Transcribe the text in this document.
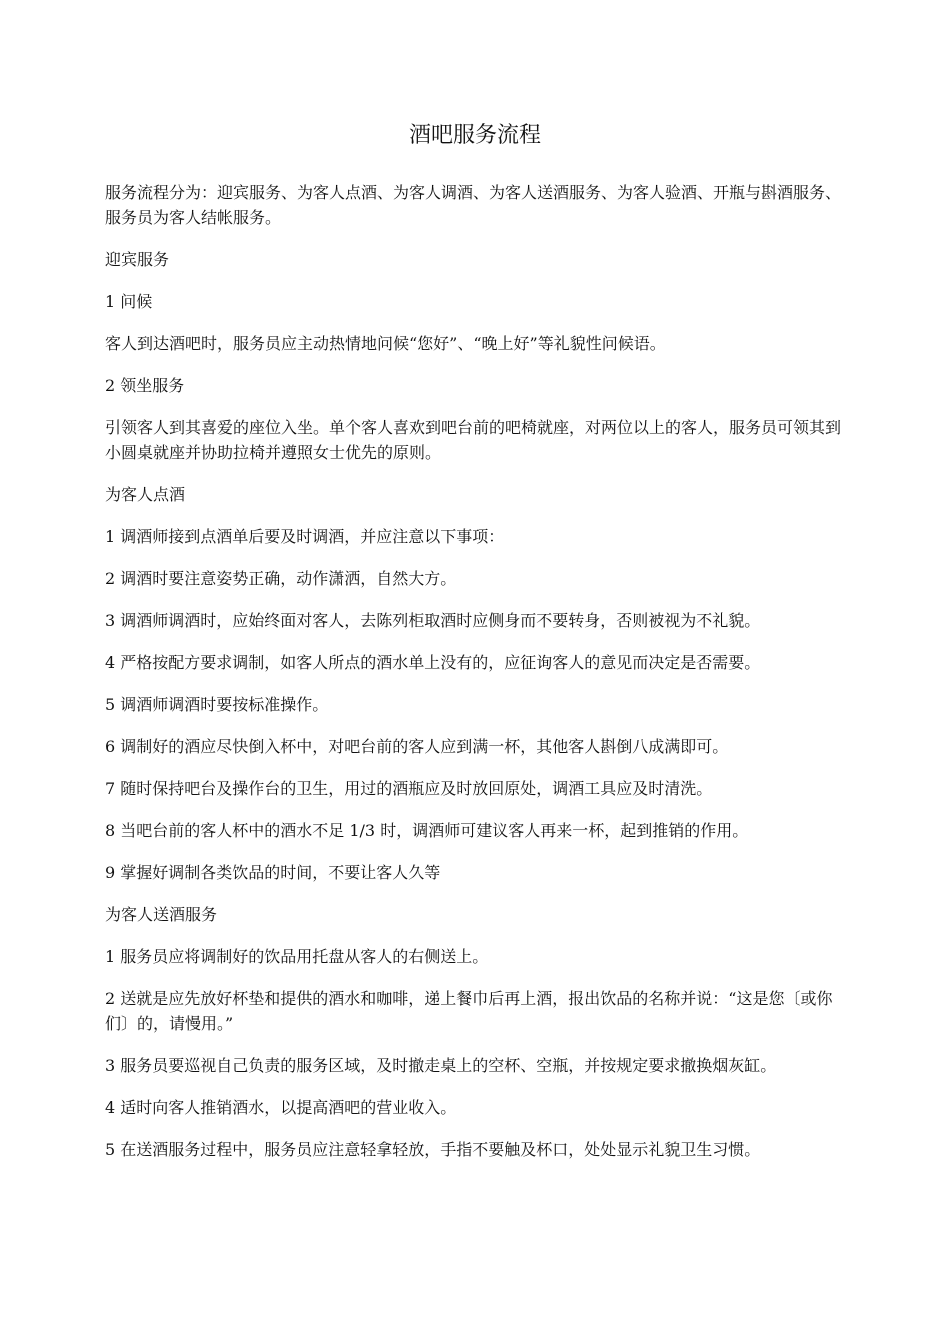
酒吧服务流程

服务流程分为：迎宾服务、为客人点酒、为客人调酒、为客人送酒服务、为客人验酒、开瓶与斟酒服务、服务员为客人结帐服务。

迎宾服务

1 问候

客人到达酒吧时，服务员应主动热情地问候“您好”、“晚上好”等礼貌性问候语。

2 领坐服务

引领客人到其喜爱的座位入坐。单个客人喜欢到吧台前的吧椅就座，对两位以上的客人，服务员可领其到小圆桌就座并协助拉椅并遵照女士优先的原则。

为客人点酒

1 调酒师接到点酒单后要及时调酒，并应注意以下事项：

2 调酒时要注意姿势正确，动作潇洒，自然大方。

3 调酒师调酒时，应始终面对客人，去陈列柜取酒时应侧身而不要转身，否则被视为不礼貌。

4 严格按配方要求调制，如客人所点的酒水单上没有的，应征询客人的意见而决定是否需要。

5 调酒师调酒时要按标准操作。

6 调制好的酒应尽快倒入杯中，对吧台前的客人应到满一杯，其他客人斟倒八成满即可。

7 随时保持吧台及操作台的卫生，用过的酒瓶应及时放回原处，调酒工具应及时清洗。

8 当吧台前的客人杯中的酒水不足 1/3 时，调酒师可建议客人再来一杯，起到推销的作用。

9 掌握好调制各类饮品的时间，不要让客人久等

为客人送酒服务

1 服务员应将调制好的饮品用托盘从客人的右侧送上。

2 送就是应先放好杯垫和提供的酒水和咖啡，递上餐巾后再上酒，报出饮品的名称并说：“这是您〔或你们〕的，请慢用。”

3 服务员要巡视自己负责的服务区域，及时撤走桌上的空杯、空瓶，并按规定要求撤换烟灰缸。

4 适时向客人推销酒水，以提高酒吧的营业收入。

5 在送酒服务过程中，服务员应注意轻拿轻放，手指不要触及杯口，处处显示礼貌卫生习惯。
